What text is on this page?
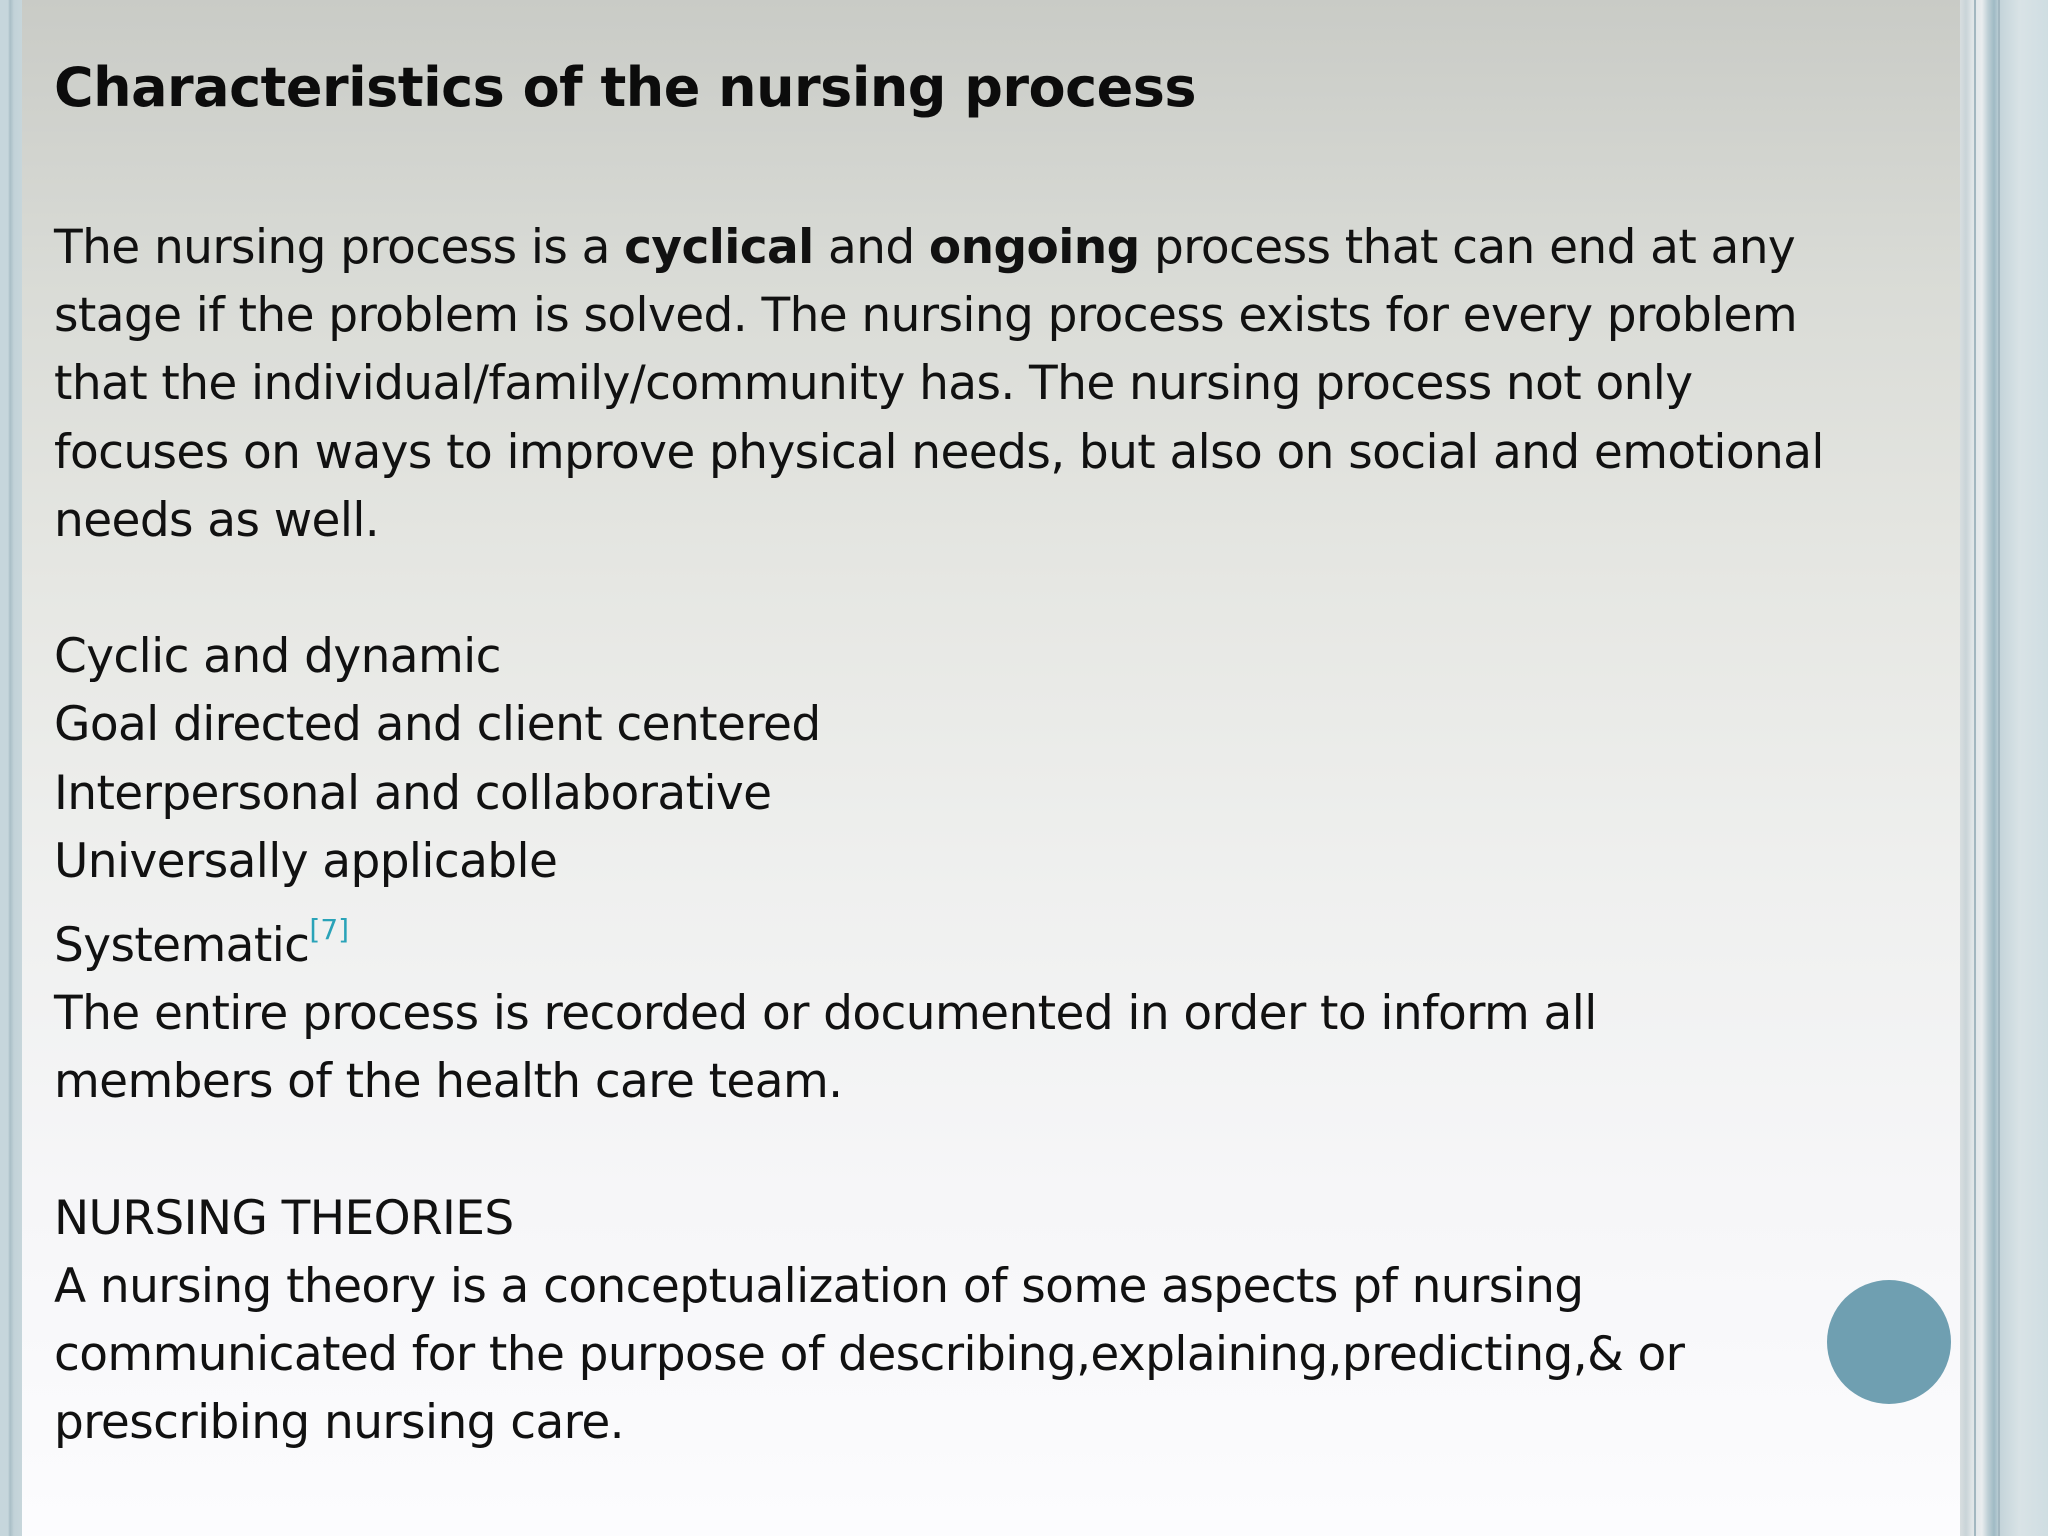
Characteristics of the nursing process
The nursing process is a cyclical and ongoing process that can end at any
stage if the problem is solved. The nursing process exists for every problem
that the individual/family/community has. The nursing process not only
focuses on ways to improve physical needs, but also on social and emotional
needs as well.
Cyclic and dynamic
Goal directed and client centered
Interpersonal and collaborative
Universally applicable
Systematic[7]
The entire process is recorded or documented in order to inform all
members of the health care team.
NURSING THEORIES
A nursing theory is a conceptualization of some aspects pf nursing
communicated for the purpose of describing,explaining,predicting,& or
prescribing nursing care.
